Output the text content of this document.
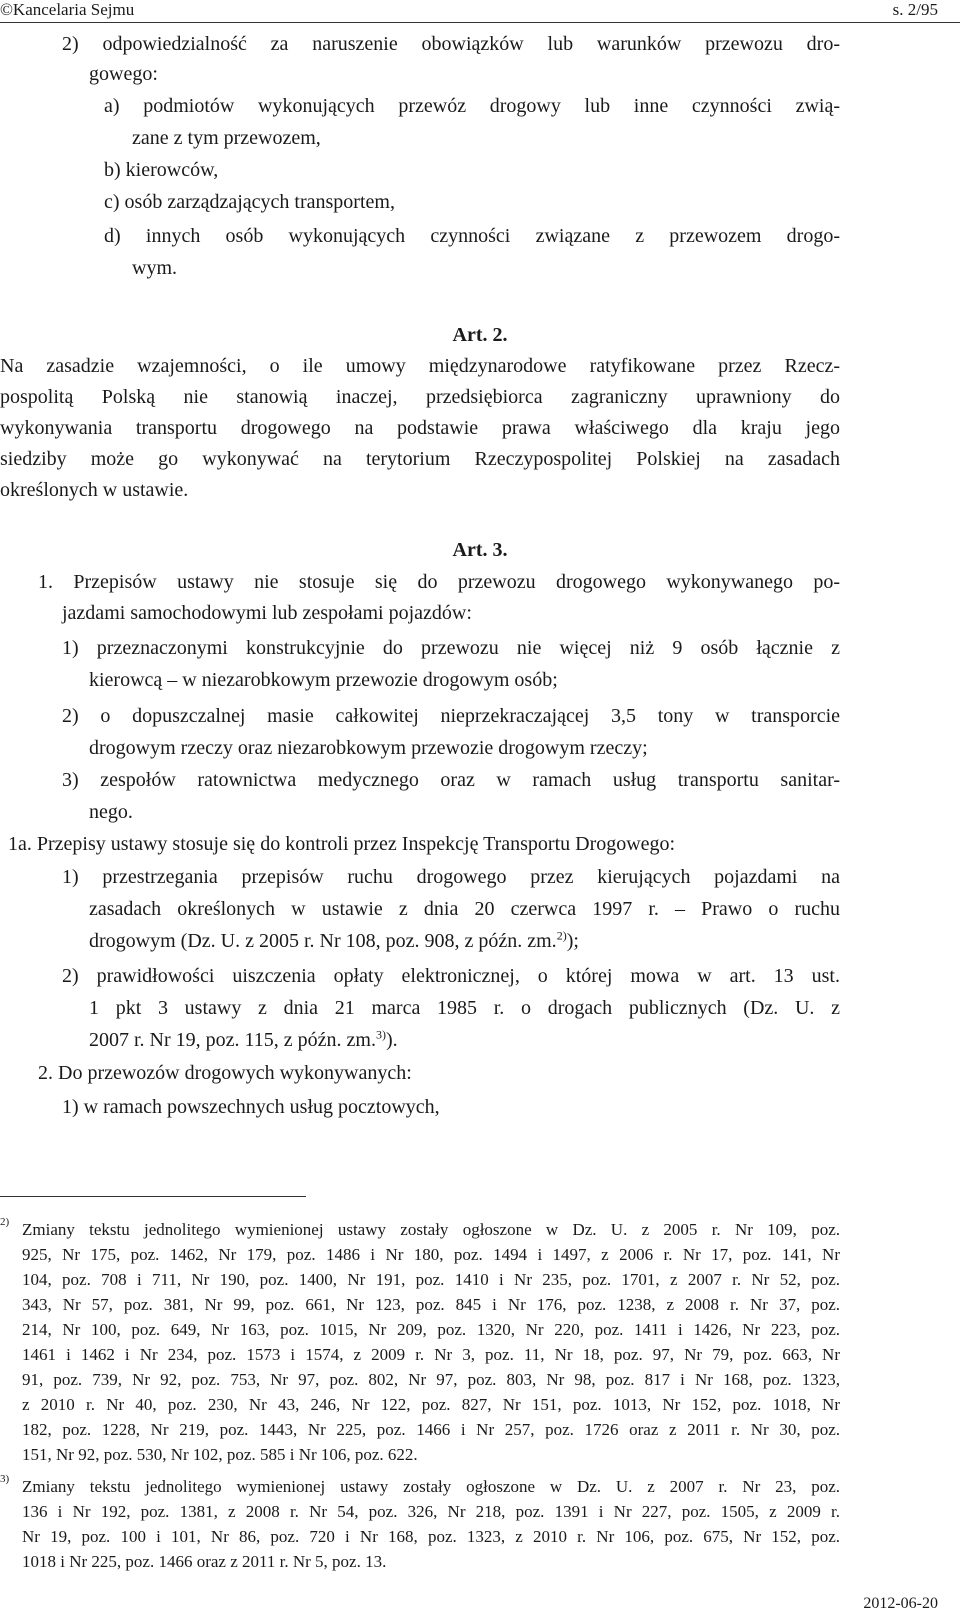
©Kancelaria Sejmu	s. 2/95
2) odpowiedzialność za naruszenie obowiązków lub warunków przewozu dro-
gowego:
a) podmiotów wykonujących przewóz drogowy lub inne czynności zwią-
zane z tym przewozem,
b) kierowców,
c) osób zarządzających transportem,
d) innych osób wykonujących czynności związane z przewozem drogo-
wym.
Art. 2.
Na zasadzie wzajemności, o ile umowy międzynarodowe ratyfikowane przez Rzecz-
pospolitą Polską nie stanowią inaczej, przedsiębiorca zagraniczny uprawniony do
wykonywania transportu drogowego na podstawie prawa właściwego dla kraju jego
siedziby może go wykonywać na terytorium Rzeczypospolitej Polskiej na zasadach
określonych w ustawie.
Art. 3.
1. Przepisów ustawy nie stosuje się do przewozu drogowego wykonywanego po-
jazdami samochodowymi lub zespołami pojazdów:
1) przeznaczonymi konstrukcyjnie do przewozu nie więcej niż 9 osób łącznie z
kierowcą – w niezarobkowym przewozie drogowym osób;
2) o dopuszczalnej masie całkowitej nieprzekraczającej 3,5 tony w transporcie
drogowym rzeczy oraz niezarobkowym przewozie drogowym rzeczy;
3) zespołów ratownictwa medycznego oraz w ramach usług transportu sanitar-
nego.
1a. Przepisy ustawy stosuje się do kontroli przez Inspekcję Transportu Drogowego:
1) przestrzegania przepisów ruchu drogowego przez kierujących pojazdami na
zasadach określonych w ustawie z dnia 20 czerwca 1997 r. – Prawo o ruchu
drogowym (Dz. U. z 2005 r. Nr 108, poz. 908, z późn. zm.$^{2)}$);
2) prawidłowości uiszczenia opłaty elektronicznej, o której mowa w art. 13 ust.
1 pkt 3 ustawy z dnia 21 marca 1985 r. o drogach publicznych (Dz. U. z
2007 r. Nr 19, poz. 115, z późn. zm.$^{3)}$).
2. Do przewozów drogowych wykonywanych:
1) w ramach powszechnych usług pocztowych,
2) Zmiany tekstu jednolitego wymienionej ustawy zostały ogłoszone w Dz. U. z 2005 r. Nr 109, poz.
925, Nr 175, poz. 1462, Nr 179, poz. 1486 i Nr 180, poz. 1494 i 1497, z 2006 r. Nr 17, poz. 141, Nr
104, poz. 708 i 711, Nr 190, poz. 1400, Nr 191, poz. 1410 i Nr 235, poz. 1701, z 2007 r. Nr 52, poz.
343, Nr 57, poz. 381, Nr 99, poz. 661, Nr 123, poz. 845 i Nr 176, poz. 1238, z 2008 r. Nr 37, poz.
214, Nr 100, poz. 649, Nr 163, poz. 1015, Nr 209, poz. 1320, Nr 220, poz. 1411 i 1426, Nr 223, poz.
1461 i 1462 i Nr 234, poz. 1573 i 1574, z 2009 r. Nr 3, poz. 11, Nr 18, poz. 97, Nr 79, poz. 663, Nr
91, poz. 739, Nr 92, poz. 753, Nr 97, poz. 802, Nr 97, poz. 803, Nr 98, poz. 817 i Nr 168, poz. 1323,
z 2010 r. Nr 40, poz. 230, Nr 43, 246, Nr 122, poz. 827, Nr 151, poz. 1013, Nr 152, poz. 1018, Nr
182, poz. 1228, Nr 219, poz. 1443, Nr 225, poz. 1466 i Nr 257, poz. 1726 oraz z 2011 r. Nr 30, poz.
151, Nr 92, poz. 530, Nr 102, poz. 585 i Nr 106, poz. 622.
3) Zmiany tekstu jednolitego wymienionej ustawy zostały ogłoszone w Dz. U. z 2007 r. Nr 23, poz.
136 i Nr 192, poz. 1381, z 2008 r. Nr 54, poz. 326, Nr 218, poz. 1391 i Nr 227, poz. 1505, z 2009 r.
Nr 19, poz. 100 i 101, Nr 86, poz. 720 i Nr 168, poz. 1323, z 2010 r. Nr 106, poz. 675, Nr 152, poz.
1018 i Nr 225, poz. 1466 oraz z 2011 r. Nr 5, poz. 13.
2012-06-20
